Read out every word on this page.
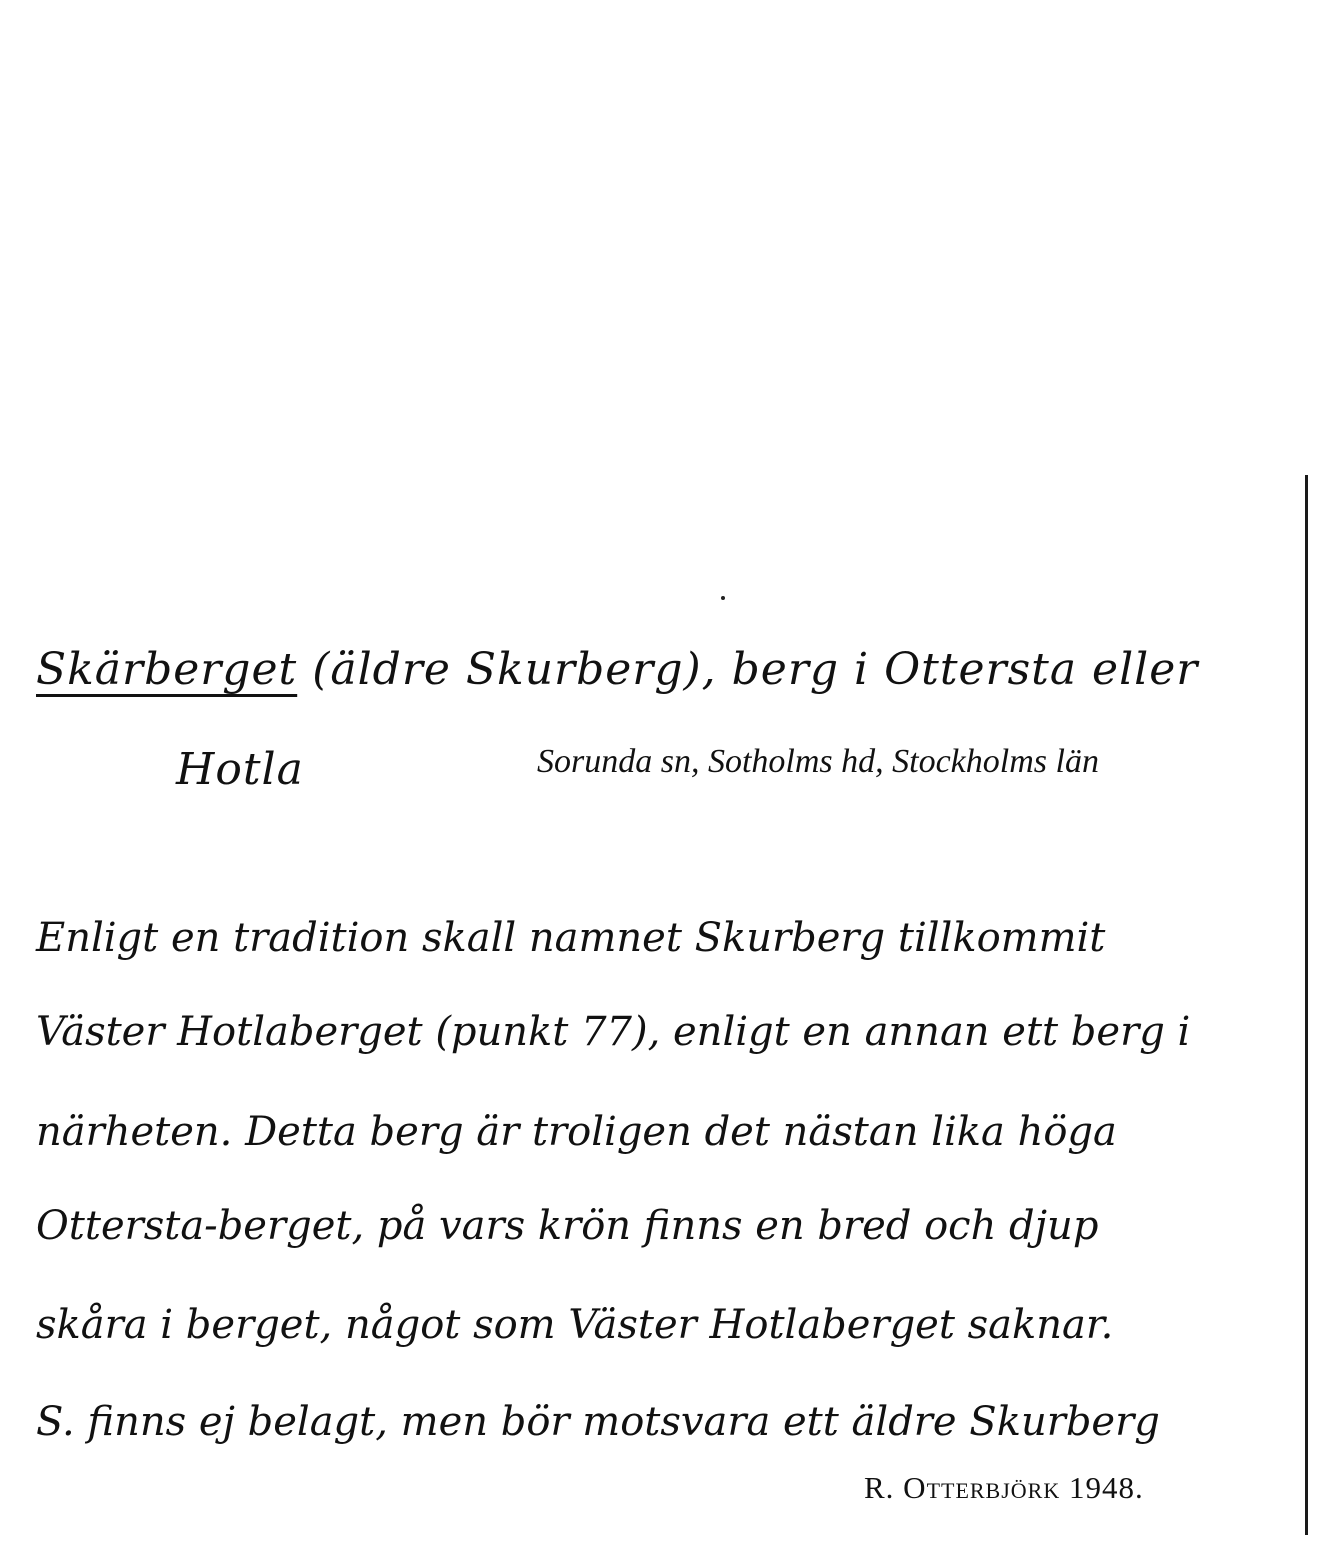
Skärberget (äldre Skurberg), berg i Ottersta eller
Hotla	Sorunda sn, Sotholms hd, Stockholms län
Enligt en tradition skall namnet Skurberg tillkommit
Väster Hotlaberget (punkt 77), enligt en annan ett berg i
närheten. Detta berg är troligen det nästan lika höga
Ottersta-berget, på vars krön finns en bred och djup
skåra i berget, något som Väster Hotlaberget saknar.
S. finns ej belagt, men bör motsvara ett äldre Skurberg
R. Otterbjörk 1948.
